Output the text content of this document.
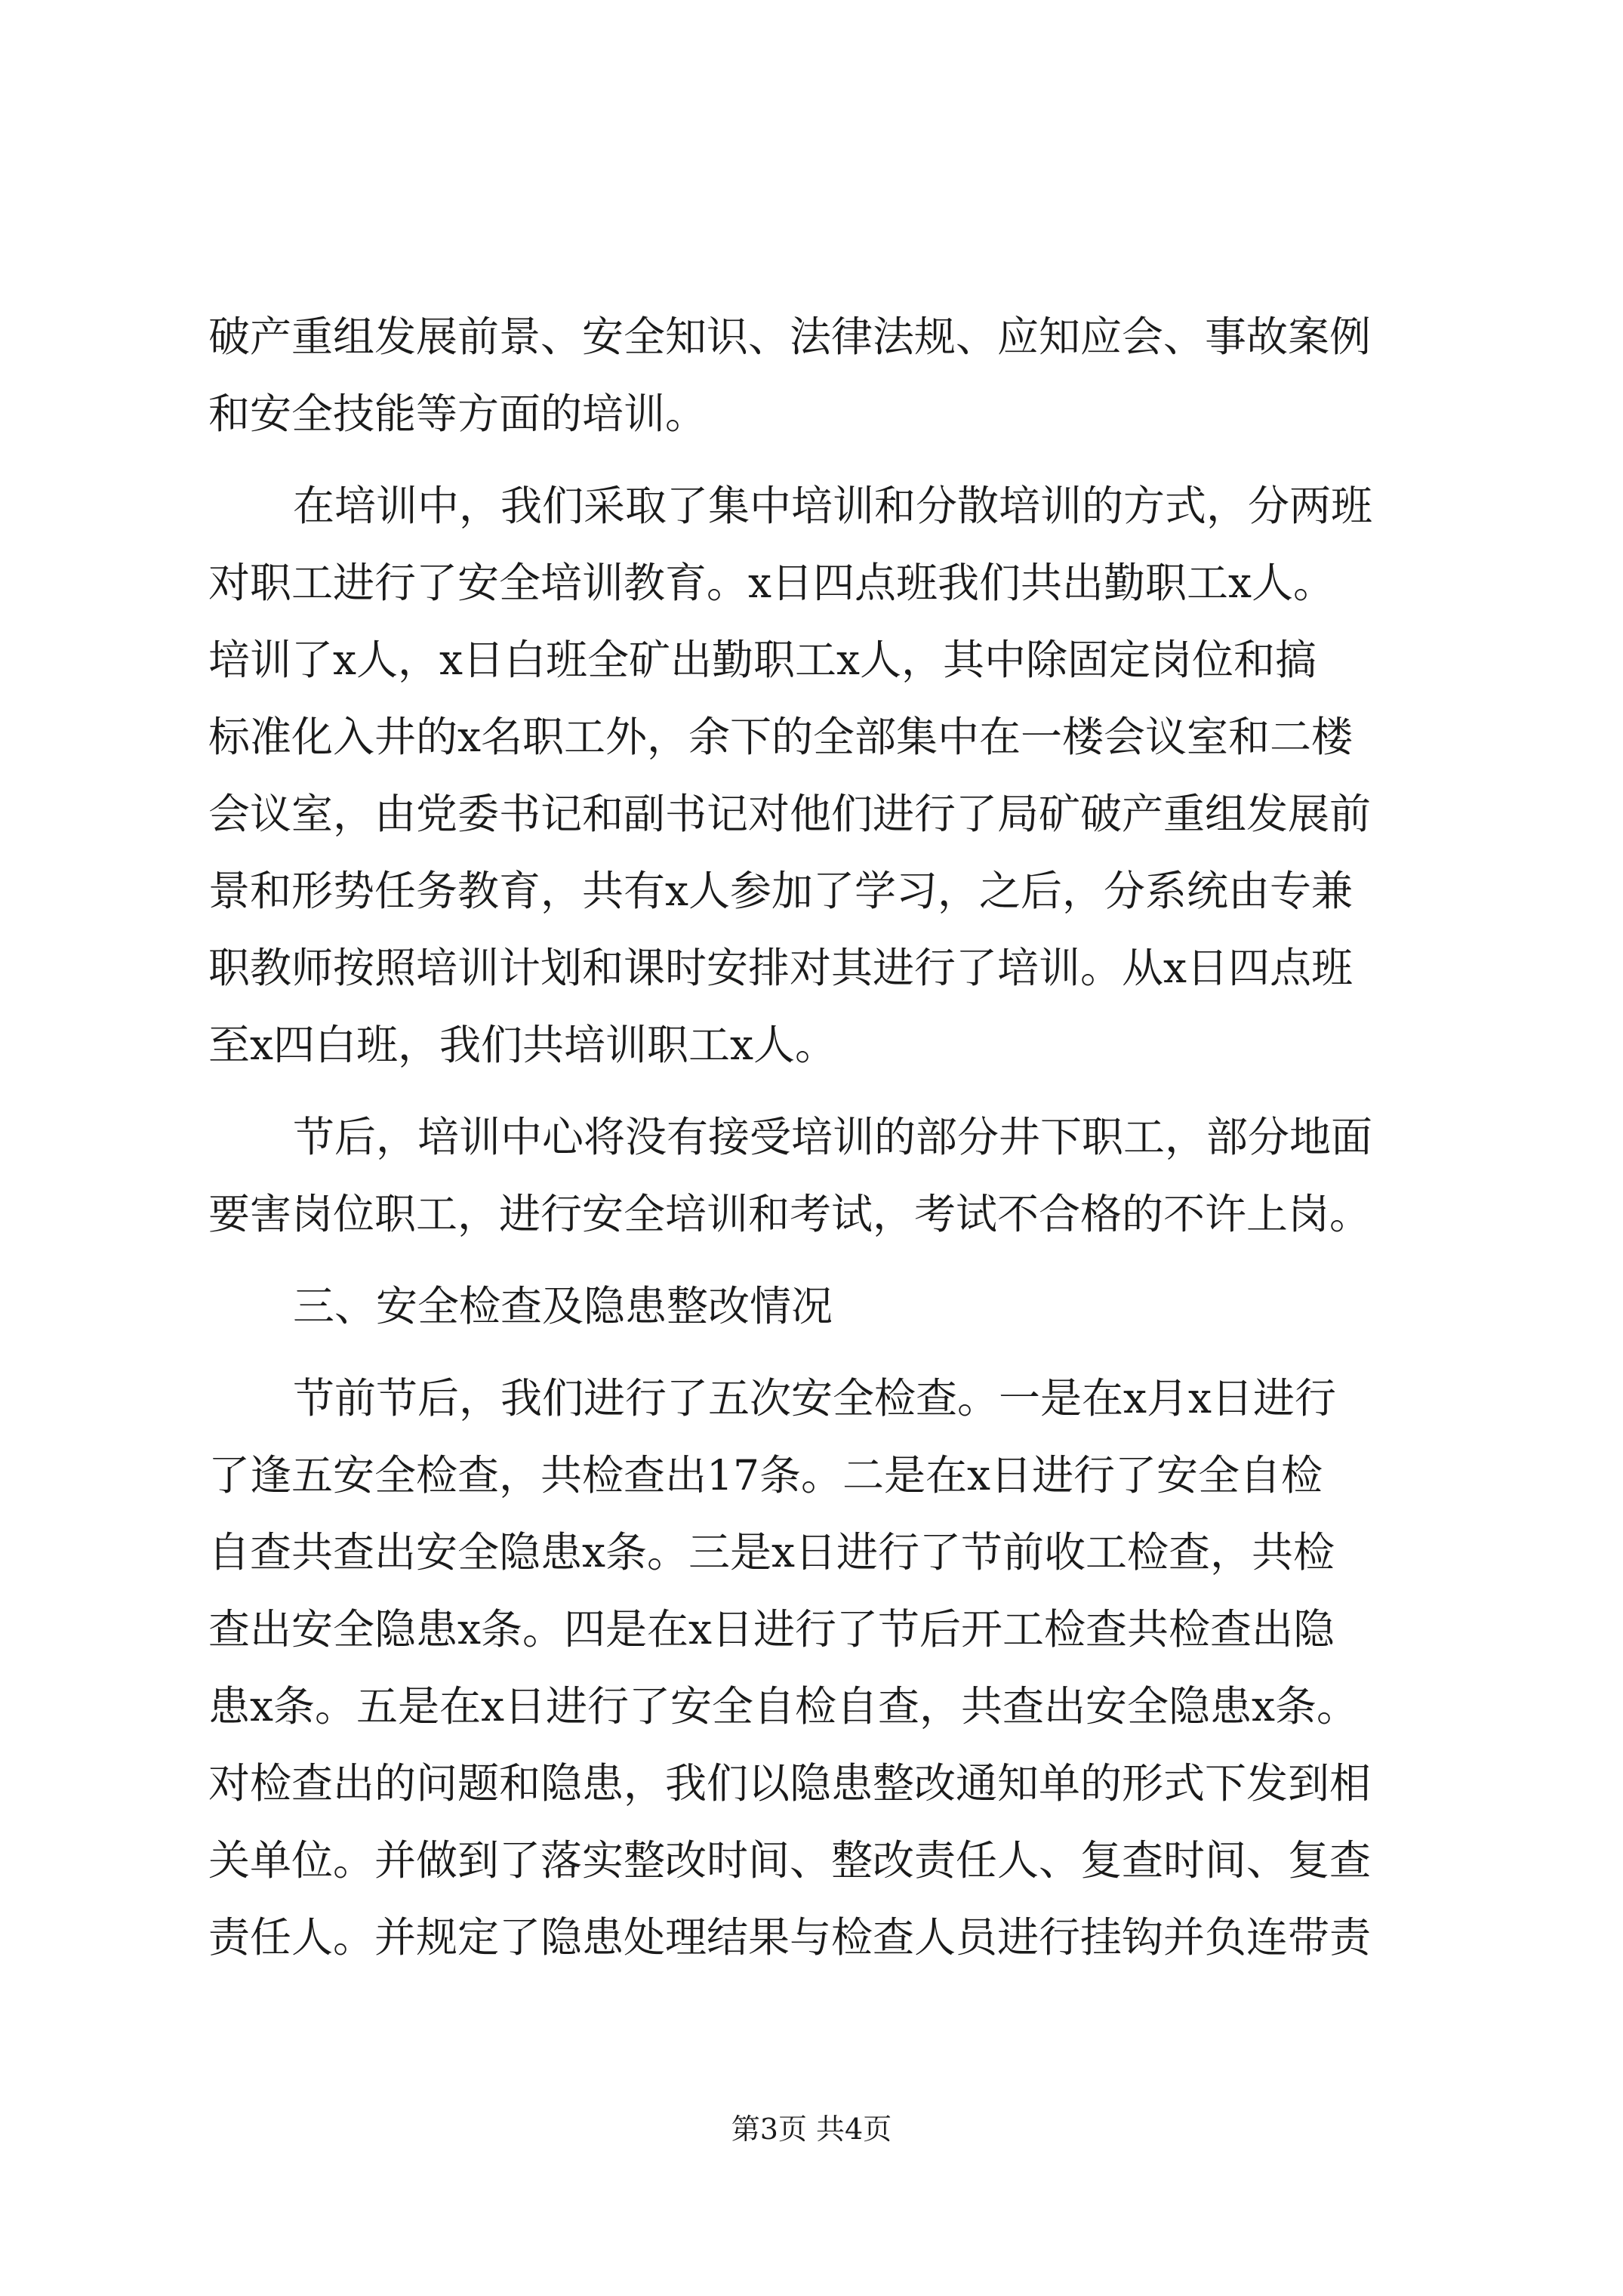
破产重组发展前景、安全知识、法律法规、应知应会、事故案例
和安全技能等方面的培训。
在培训中，我们采取了集中培训和分散培训的方式，分两班
对职工进行了安全培训教育。x日四点班我们共出勤职工x人。
培训了x人，x日白班全矿出勤职工x人，其中除固定岗位和搞
标准化入井的x名职工外，余下的全部集中在一楼会议室和二楼
会议室，由党委书记和副书记对他们进行了局矿破产重组发展前
景和形势任务教育，共有x人参加了学习，之后，分系统由专兼
职教师按照培训计划和课时安排对其进行了培训。从x日四点班
至x四白班，我们共培训职工x人。
节后，培训中心将没有接受培训的部分井下职工，部分地面
要害岗位职工，进行安全培训和考试，考试不合格的不许上岗。
三、安全检查及隐患整改情况
节前节后，我们进行了五次安全检查。一是在x月x日进行
了逢五安全检查，共检查出17条。二是在x日进行了安全自检
自查共查出安全隐患x条。三是x日进行了节前收工检查，共检
查出安全隐患x条。四是在x日进行了节后开工检查共检查出隐
患x条。五是在x日进行了安全自检自查，共查出安全隐患x条。
对检查出的问题和隐患，我们以隐患整改通知单的形式下发到相
关单位。并做到了落实整改时间、整改责任人、复查时间、复查
责任人。并规定了隐患处理结果与检查人员进行挂钩并负连带责
第3页 共4页
